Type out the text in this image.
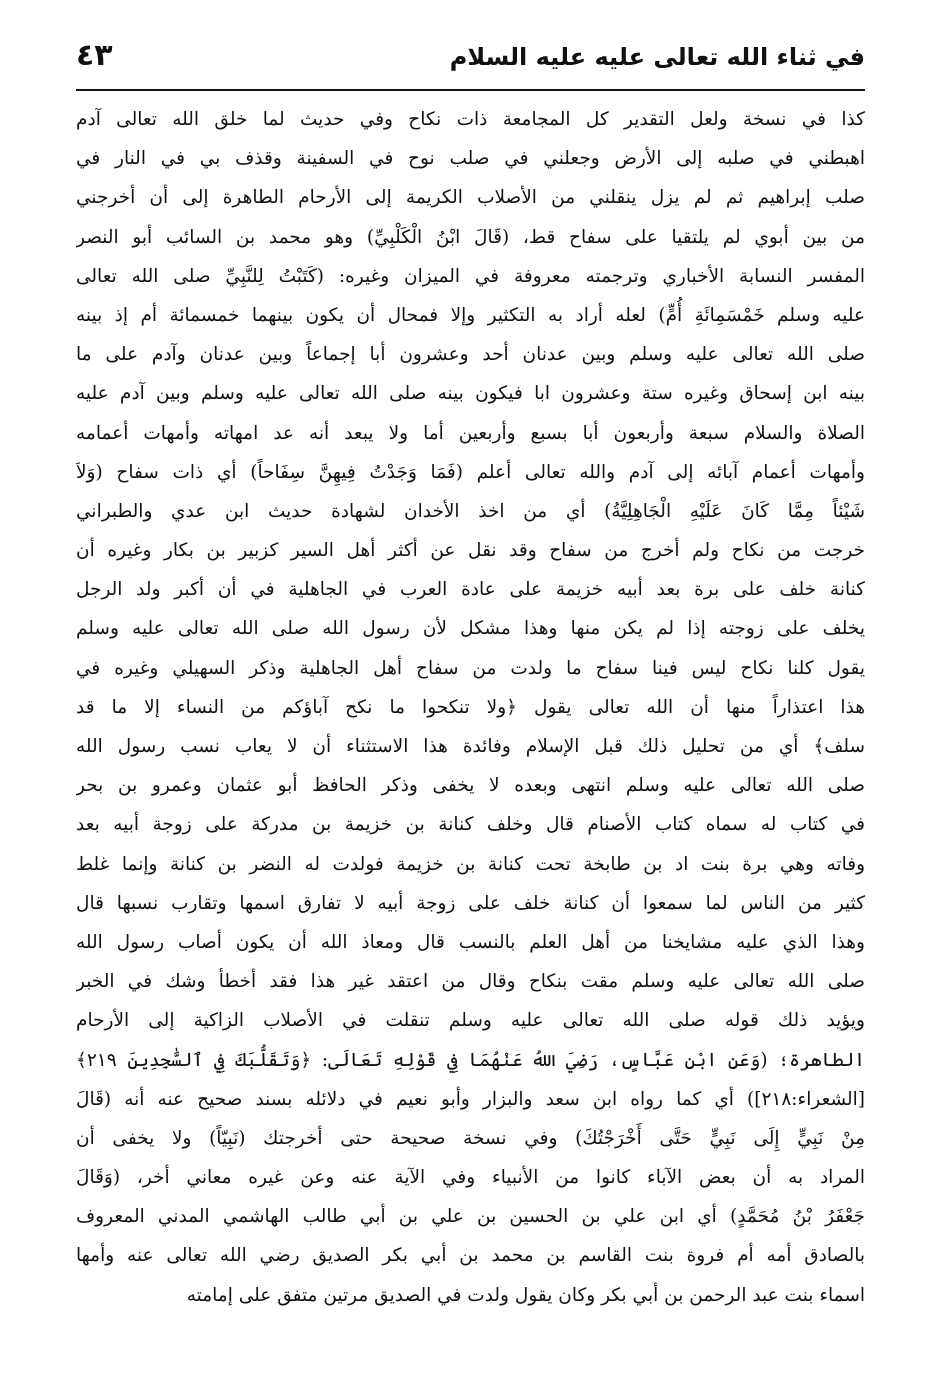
في ثناء الله تعالى عليه عليه السلام
٤٣
كذا في نسخة ولعل التقدير كل المجامعة ذات نكاح وفي حديث لما خلق الله تعالى آدم
اهبطني في صلبه إلى الأرض وجعلني في صلب نوح في السفينة وقذف بي في النار في
صلب إبراهيم ثم لم يزل ينقلني من الأصلاب الكريمة إلى الأرحام الطاهرة إلى أن أخرجني
من بين أبوي لم يلتقيا على سفاح قط، (قَالَ ابْنُ الْكَلْبِيِّ) وهو محمد بن السائب أبو النصر
المفسر النسابة الأخباري وترجمته معروفة في الميزان وغيره: (كَتَبْتُ لِلنَّبِيِّ صلى الله تعالى
عليه وسلم خَمْسَمِائَةِ أُمٍّ) لعله أراد به التكثير وإلا فمحال أن يكون بينهما خمسمائة أم إذ بينه
صلى الله تعالى عليه وسلم وبين عدنان أحد وعشرون أبا إجماعاً وبين عدنان وآدم على ما
بينه ابن إسحاق وغيره ستة وعشرون ابا فيكون بينه صلى الله تعالى عليه وسلم وبين آدم عليه
الصلاة والسلام سبعة وأربعون أبا بسبع وأربعين أما ولا يبعد أنه عد امهاته وأمهات أعمامه
وأمهات أعمام آبائه إلى آدم والله تعالى أعلم (فَمَا وَجَدْتُ فِيهِنَّ سِفَاحاً) أي ذات سفاح (وَلاَ
شَيْئاً مِمَّا كَانَ عَلَيْهِ الْجَاهِلِيَّةُ) أي من اخذ الأخدان لشهادة حديث ابن عدي والطبراني
خرجت من نكاح ولم أخرج من سفاح وقد نقل عن أكثر أهل السير كزبير بن بكار وغيره أن
كنانة خلف على برة بعد أبيه خزيمة على عادة العرب في الجاهلية في أن أكبر ولد الرجل
يخلف على زوجته إذا لم يكن منها وهذا مشكل لأن رسول الله صلى الله تعالى عليه وسلم
يقول كلنا نكاح ليس فينا سفاح ما ولدت من سفاح أهل الجاهلية وذكر السهيلي وغيره في
هذا اعتذاراً منها أن الله تعالى يقول ﴿ولا تنكحوا ما نكح آباؤكم من النساء إلا ما قد
سلف﴾ أي من تحليل ذلك قبل الإسلام وفائدة هذا الاستثناء أن لا يعاب نسب رسول الله
صلى الله تعالى عليه وسلم انتهى وبعده لا يخفى وذكر الحافظ أبو عثمان وعمرو بن بحر
في كتاب له سماه كتاب الأصنام قال وخلف كنانة بن خزيمة بن مدركة على زوجة أبيه بعد
وفاته وهي برة بنت اد بن طابخة تحت كنانة بن خزيمة فولدت له النضر بن كنانة وإنما غلط
كثير من الناس لما سمعوا أن كنانة خلف على زوجة أبيه لا تفارق اسمها وتقارب نسبها قال
وهذا الذي عليه مشايخنا من أهل العلم بالنسب قال ومعاذ الله أن يكون أصاب رسول الله
صلى الله تعالى عليه وسلم مقت بنكاح وقال من اعتقد غير هذا فقد أخطأ وشك في الخبر
ويؤيد ذلك قوله صلى الله تعالى عليه وسلم تنقلت في الأصلاب الزاكية إلى الأرحام
الطاهرة؛ (وَعَنِ ابْنِ عَبَّاسٍ، رَضِيَ اللهُ عَنْهُمَا فِي قَوْلِهِ تَعَالَى: ﴿وَتَقَلُّبَكَ فِي ٱلسَّٰجِدِينَ ٢١٩﴾
[الشعراء:٢١٨]) أي كما رواه ابن سعد والبزار وأبو نعيم في دلائله بسند صحيح عنه أنه (قَالَ
مِنْ نَبِيٍّ إِلَى نَبِيٍّ حَتَّى أَخْرَجْتُكَ) وفي نسخة صحيحة حتى أخرجتك (نَبِيّاً) ولا يخفى أن
المراد به أن بعض الآباء كانوا من الأنبياء وفي الآية عنه وعن غيره معاني أخر، (وَقَالَ
جَعْفَرُ بْنُ مُحَمَّدٍ) أي ابن علي بن الحسين بن علي بن أبي طالب الهاشمي المدني المعروف
بالصادق أمه أم فروة بنت القاسم بن محمد بن أبي بكر الصديق رضي الله تعالى عنه وأمها
اسماء بنت عبد الرحمن بن أبي بكر وكان يقول ولدت في الصديق مرتين متفق على إمامته
